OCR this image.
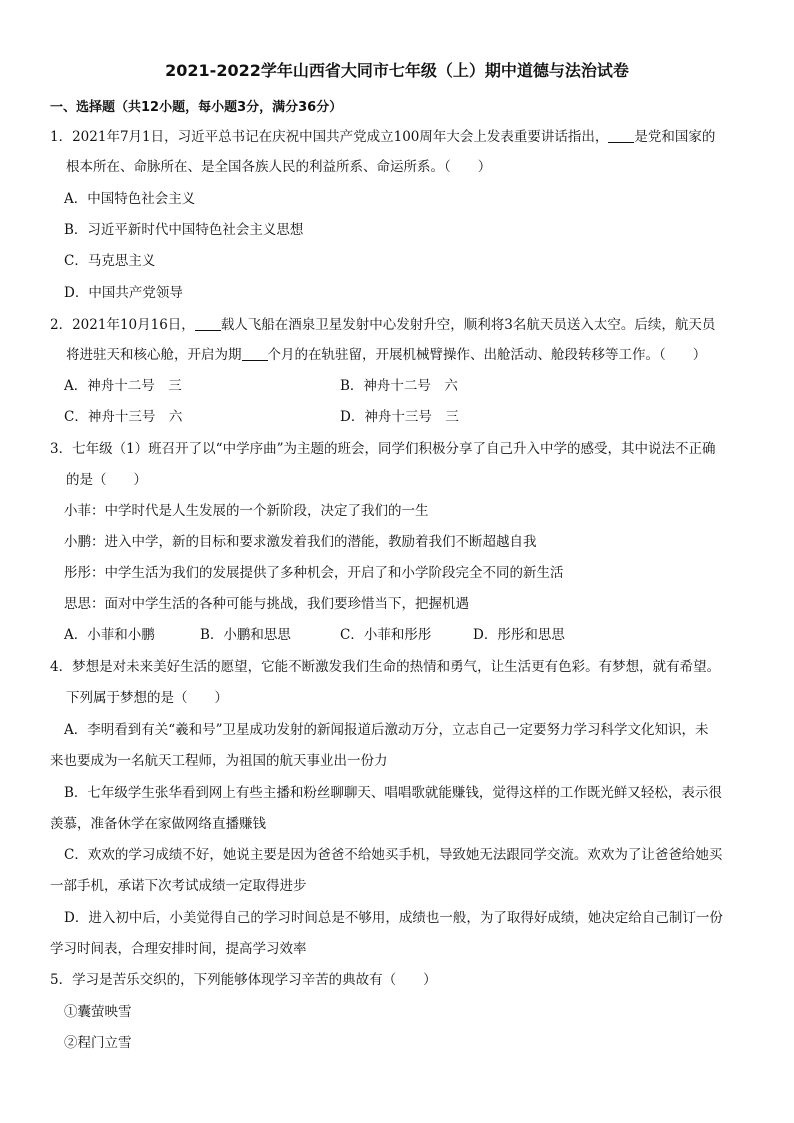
2021-2022学年山西省大同市七年级（上）期中道德与法治试卷
一、选择题（共12小题，每小题3分，满分36分）
1．2021年7月1日，习近平总书记在庆祝中国共产党成立100周年大会上发表重要讲话指出， 是党和国家的
根本所在、命脉所在、是全国各族人民的利益所系、命运所系。（　　）
A．中国特色社会主义
B．习近平新时代中国特色社会主义思想
C．马克思主义
D．中国共产党领导
2．2021年10月16日， 载人飞船在酒泉卫星发射中心发射升空，顺利将3名航天员送入太空。后续，航天员
将进驻天和核心舱，开启为期 个月的在轨驻留，开展机械臂操作、出舱活动、舱段转移等工作。（　　）
A．神舟十二号　三	B．神舟十二号　六
C．神舟十三号　六	D．神舟十三号　三
3．七年级（1）班召开了以“中学序曲”为主题的班会，同学们积极分享了自己升入中学的感受，其中说法不正确
的是（　　）
小菲：中学时代是人生发展的一个新阶段，决定了我们的一生
小鹏：进入中学，新的目标和要求激发着我们的潜能，教励着我们不断超越自我
彤彤：中学生活为我们的发展提供了多种机会，开启了和小学阶段完全不同的新生活
思思：面对中学生活的各种可能与挑战，我们要珍惜当下，把握机遇
A．小菲和小鹏	B．小鹏和思思	C．小菲和彤彤	D．彤彤和思思
4．梦想是对未来美好生活的愿望，它能不断激发我们生命的热情和勇气，让生活更有色彩。有梦想，就有希望。
下列属于梦想的是（　　）
A．李明看到有关“羲和号”卫星成功发射的新闻报道后激动万分，立志自己一定要努力学习科学文化知识，未
来也要成为一名航天工程师，为祖国的航天事业出一份力
B．七年级学生张华看到网上有些主播和粉丝聊聊天、唱唱歌就能赚钱，觉得这样的工作既光鲜又轻松，表示很
羡慕，准备休学在家做网络直播赚钱
C．欢欢的学习成绩不好，她说主要是因为爸爸不给她买手机，导致她无法跟同学交流。欢欢为了让爸爸给她买
一部手机，承诺下次考试成绩一定取得进步
D．进入初中后，小美觉得自己的学习时间总是不够用，成绩也一般，为了取得好成绩，她决定给自己制订一份
学习时间表，合理安排时间，提高学习效率
5．学习是苦乐交织的，下列能够体现学习辛苦的典故有（　　）
①囊萤映雪
②程门立雪
